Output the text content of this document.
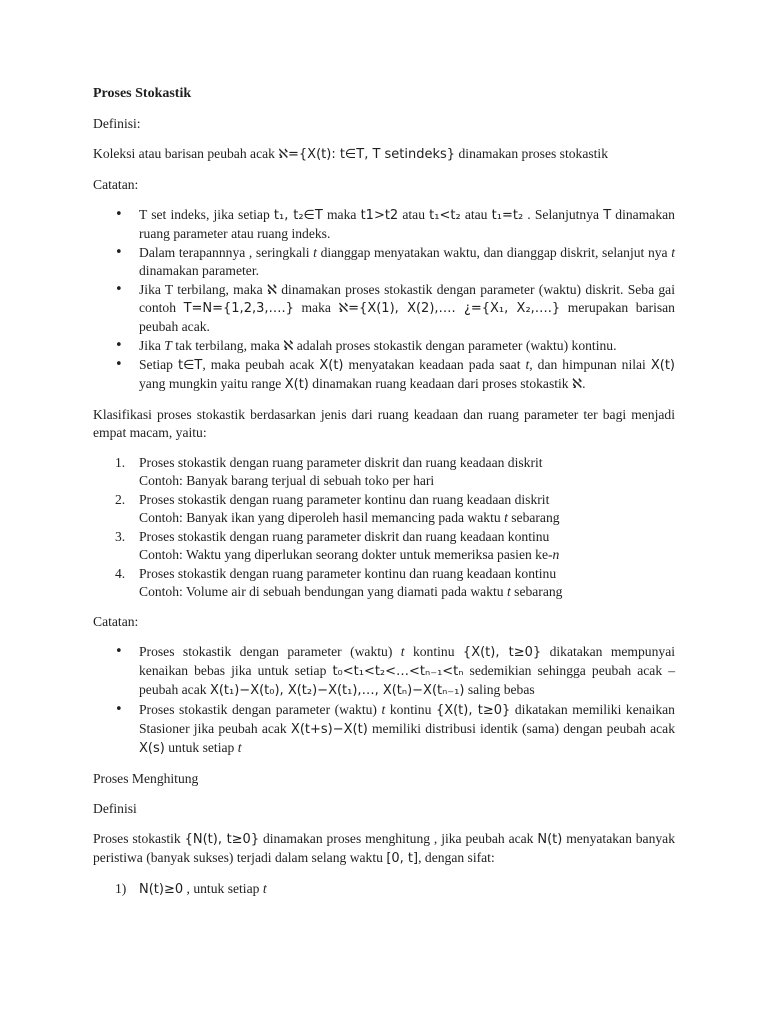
Proses Stokastik
Definisi:
Koleksi atau barisan peubah acak ℵ={X(t): t∈T, T setindeks} dinamakan proses stokastik
Catatan:
• T set indeks, jika setiap t₁, t₂∈T maka t1>t2 atau t₁<t₂ atau t₁=t₂ . Selanjutnya T dinamakan ruang parameter atau ruang indeks.
• Dalam terapannnya , seringkali t dianggap menyatakan waktu, dan dianggap diskrit, selanjut nya t dinamakan parameter.
• Jika T terbilang, maka ℵ dinamakan proses stokastik dengan parameter (waktu) diskrit. Seba gai contoh T=N={1,2,3,….} maka ℵ={X(1), X(2),…. ¿={X₁, X₂,….} merupakan barisan peubah acak.
• Jika T tak terbilang, maka ℵ adalah proses stokastik dengan parameter (waktu) kontinu.
• Setiap t∈T, maka peubah acak X(t) menyatakan keadaan pada saat t, dan himpunan nilai X(t) yang mungkin yaitu range X(t) dinamakan ruang keadaan dari proses stokastik ℵ.
Klasifikasi proses stokastik berdasarkan jenis dari ruang keadaan dan ruang parameter ter bagi menjadi empat macam, yaitu:
1. Proses stokastik dengan ruang parameter diskrit dan ruang keadaan diskrit
Contoh: Banyak barang terjual di sebuah toko per hari
2. Proses stokastik dengan ruang parameter kontinu dan ruang keadaan diskrit
Contoh: Banyak ikan yang diperoleh hasil memancing pada waktu t sebarang
3. Proses stokastik dengan ruang parameter diskrit dan ruang keadaan kontinu
Contoh: Waktu yang diperlukan seorang dokter untuk memeriksa pasien ke-n
4. Proses stokastik dengan ruang parameter kontinu dan ruang keadaan kontinu
Contoh: Volume air di sebuah bendungan yang diamati pada waktu t sebarang
Catatan:
• Proses stokastik dengan parameter (waktu) t kontinu {X(t), t≥0} dikatakan mempunyai kenaikan bebas jika untuk setiap t₀<t₁<t₂<…<tₙ₋₁<tₙ sedemikian sehingga peubah acak – peubah acak X(t₁)−X(t₀), X(t₂)−X(t₁),…, X(tₙ)−X(tₙ₋₁) saling bebas
• Proses stokastik dengan parameter (waktu) t kontinu {X(t), t≥0} dikatakan memiliki kenaikan Stasioner jika peubah acak X(t+s)−X(t) memiliki distribusi identik (sama) dengan peubah acak X(s) untuk setiap t
Proses Menghitung
Definisi
Proses stokastik {N(t), t≥0} dinamakan proses menghitung , jika peubah acak N(t) menyatakan banyak peristiwa (banyak sukses) terjadi dalam selang waktu [0, t], dengan sifat:
1) N(t)≥0 , untuk setiap t
